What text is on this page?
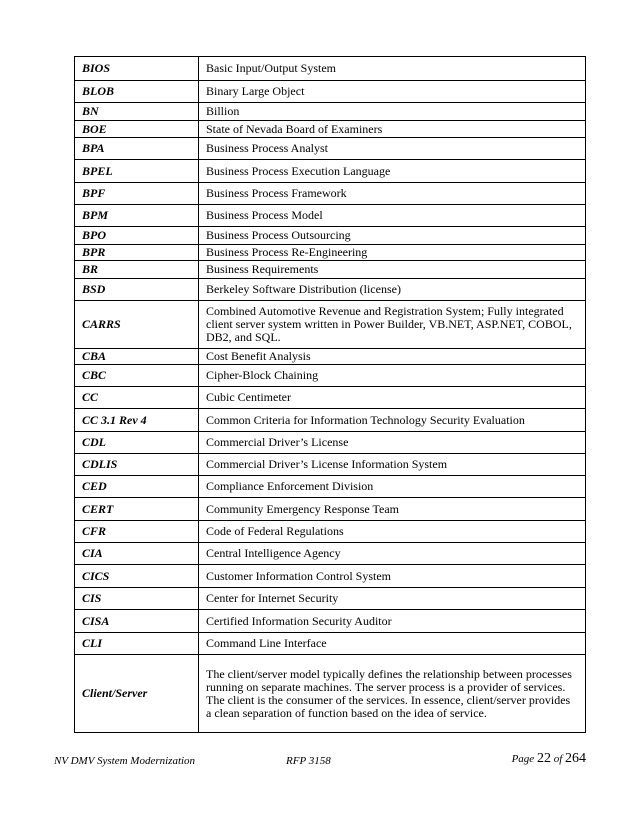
BIOS	Basic Input/Output System
BLOB	Binary Large Object
BN	Billion
BOE	State of Nevada Board of Examiners
BPA	Business Process Analyst
BPEL	Business Process Execution Language
BPF	Business Process Framework
BPM	Business Process Model
BPO	Business Process Outsourcing
BPR	Business Process Re-Engineering
BR	Business Requirements
BSD	Berkeley Software Distribution (license)
CARRS	Combined Automotive Revenue and Registration System; Fully integrated client server system written in Power Builder, VB.NET, ASP.NET, COBOL, DB2, and SQL.
CBA	Cost Benefit Analysis
CBC	Cipher-Block Chaining
CC	Cubic Centimeter
CC 3.1 Rev 4	Common Criteria for Information Technology Security Evaluation
CDL	Commercial Driver’s License
CDLIS	Commercial Driver’s License Information System
CED	Compliance Enforcement Division
CERT	Community Emergency Response Team
CFR	Code of Federal Regulations
CIA	Central Intelligence Agency
CICS	Customer Information Control System
CIS	Center for Internet Security
CISA	Certified Information Security Auditor
CLI	Command Line Interface
Client/Server	The client/server model typically defines the relationship between processes running on separate machines. The server process is a provider of services. The client is the consumer of the services. In essence, client/server provides a clean separation of function based on the idea of service.
NV DMV System Modernization	RFP 3158	Page 22 of 264
